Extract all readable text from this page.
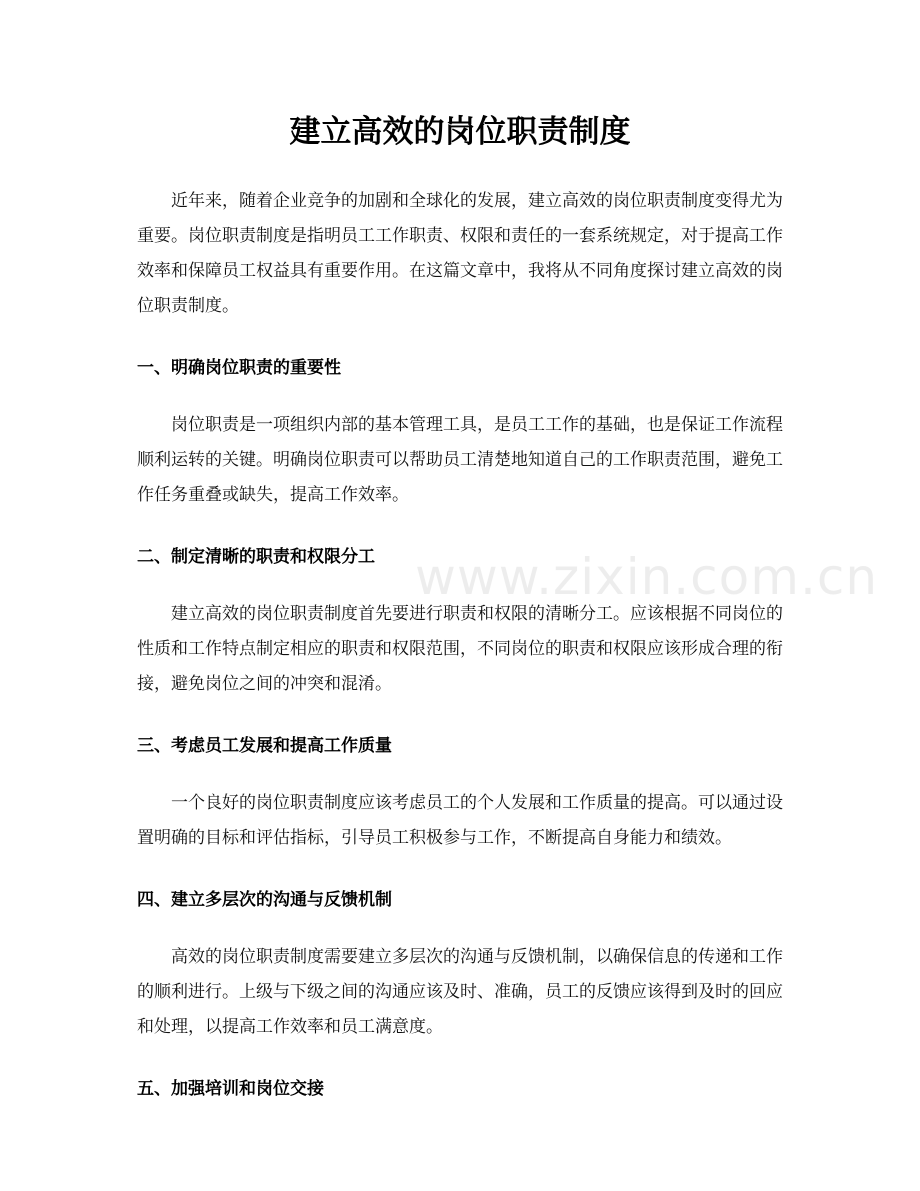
www.zixin.com.cn
建立高效的岗位职责制度

近年来，随着企业竞争的加剧和全球化的发展，建立高效的岗位职责制度变得尤为重要。岗位职责制度是指明员工工作职责、权限和责任的一套系统规定，对于提高工作效率和保障员工权益具有重要作用。在这篇文章中，我将从不同角度探讨建立高效的岗位职责制度。

一、明确岗位职责的重要性

岗位职责是一项组织内部的基本管理工具，是员工工作的基础，也是保证工作流程顺利运转的关键。明确岗位职责可以帮助员工清楚地知道自己的工作职责范围，避免工作任务重叠或缺失，提高工作效率。

二、制定清晰的职责和权限分工

建立高效的岗位职责制度首先要进行职责和权限的清晰分工。应该根据不同岗位的性质和工作特点制定相应的职责和权限范围，不同岗位的职责和权限应该形成合理的衔接，避免岗位之间的冲突和混淆。

三、考虑员工发展和提高工作质量

一个良好的岗位职责制度应该考虑员工的个人发展和工作质量的提高。可以通过设置明确的目标和评估指标，引导员工积极参与工作，不断提高自身能力和绩效。

四、建立多层次的沟通与反馈机制

高效的岗位职责制度需要建立多层次的沟通与反馈机制，以确保信息的传递和工作的顺利进行。上级与下级之间的沟通应该及时、准确，员工的反馈应该得到及时的回应和处理，以提高工作效率和员工满意度。

五、加强培训和岗位交接
